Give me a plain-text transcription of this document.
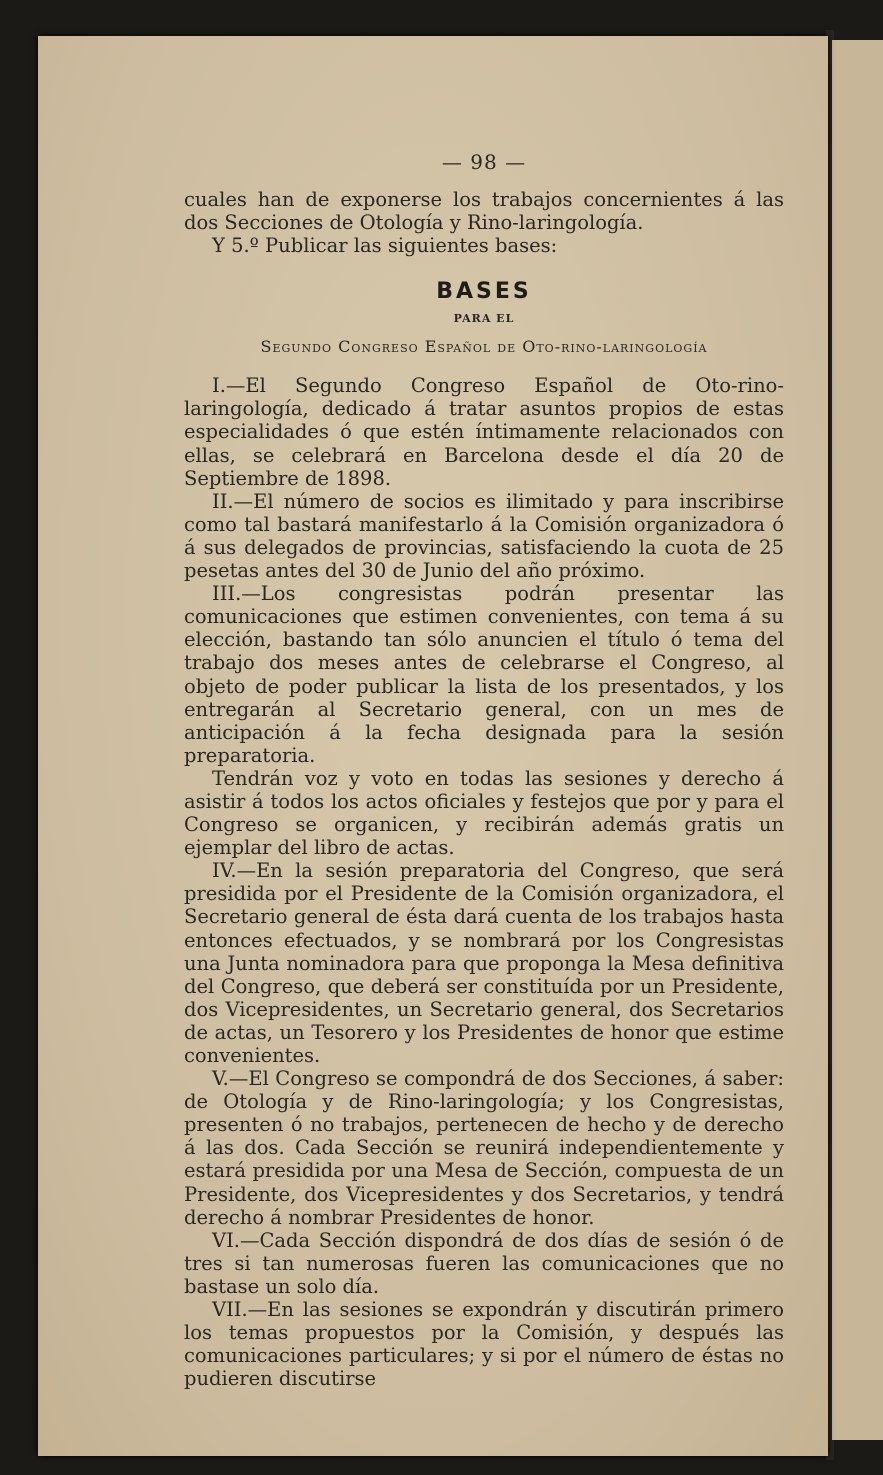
— 98 —

cuales han de exponerse los trabajos concernientes á las dos Secciones de Otología y Rino-laringología.

Y 5.º Publicar las siguientes bases:

BASES
PARA EL
Segundo Congreso Español de Oto-rino-laringología

I.—El Segundo Congreso Español de Oto-rino-laringología, dedicado á tratar asuntos propios de estas especialidades ó que estén íntimamente relacionados con ellas, se celebrará en Barcelona desde el día 20 de Septiembre de 1898.

II.—El número de socios es ilimitado y para inscribirse como tal bastará manifestarlo á la Comisión organizadora ó á sus delegados de provincias, satisfaciendo la cuota de 25 pesetas antes del 30 de Junio del año próximo.

III.—Los congresistas podrán presentar las comunicaciones que estimen convenientes, con tema á su elección, bastando tan sólo anuncien el título ó tema del trabajo dos meses antes de celebrarse el Congreso, al objeto de poder publicar la lista de los presentados, y los entregarán al Secretario general, con un mes de anticipación á la fecha designada para la sesión preparatoria.

Tendrán voz y voto en todas las sesiones y derecho á asistir á todos los actos oficiales y festejos que por y para el Congreso se organicen, y recibirán además gratis un ejemplar del libro de actas.

IV.—En la sesión preparatoria del Congreso, que será presidida por el Presidente de la Comisión organizadora, el Secretario general de ésta dará cuenta de los trabajos hasta entonces efectuados, y se nombrará por los Congresistas una Junta nominadora para que proponga la Mesa definitiva del Congreso, que deberá ser constituída por un Presidente, dos Vicepresidentes, un Secretario general, dos Secretarios de actas, un Tesorero y los Presidentes de honor que estime convenientes.

V.—El Congreso se compondrá de dos Secciones, á saber: de Otología y de Rino-laringología; y los Congresistas, presenten ó no trabajos, pertenecen de hecho y de derecho á las dos. Cada Sección se reunirá independientemente y estará presidida por una Mesa de Sección, compuesta de un Presidente, dos Vicepresidentes y dos Secretarios, y tendrá derecho á nombrar Presidentes de honor.

VI.—Cada Sección dispondrá de dos días de sesión ó de tres si tan numerosas fueren las comunicaciones que no bastase un solo día.

VII.—En las sesiones se expondrán y discutirán primero los temas propuestos por la Comisión, y después las comunicaciones particulares; y si por el número de éstas no pudieren discutirse
